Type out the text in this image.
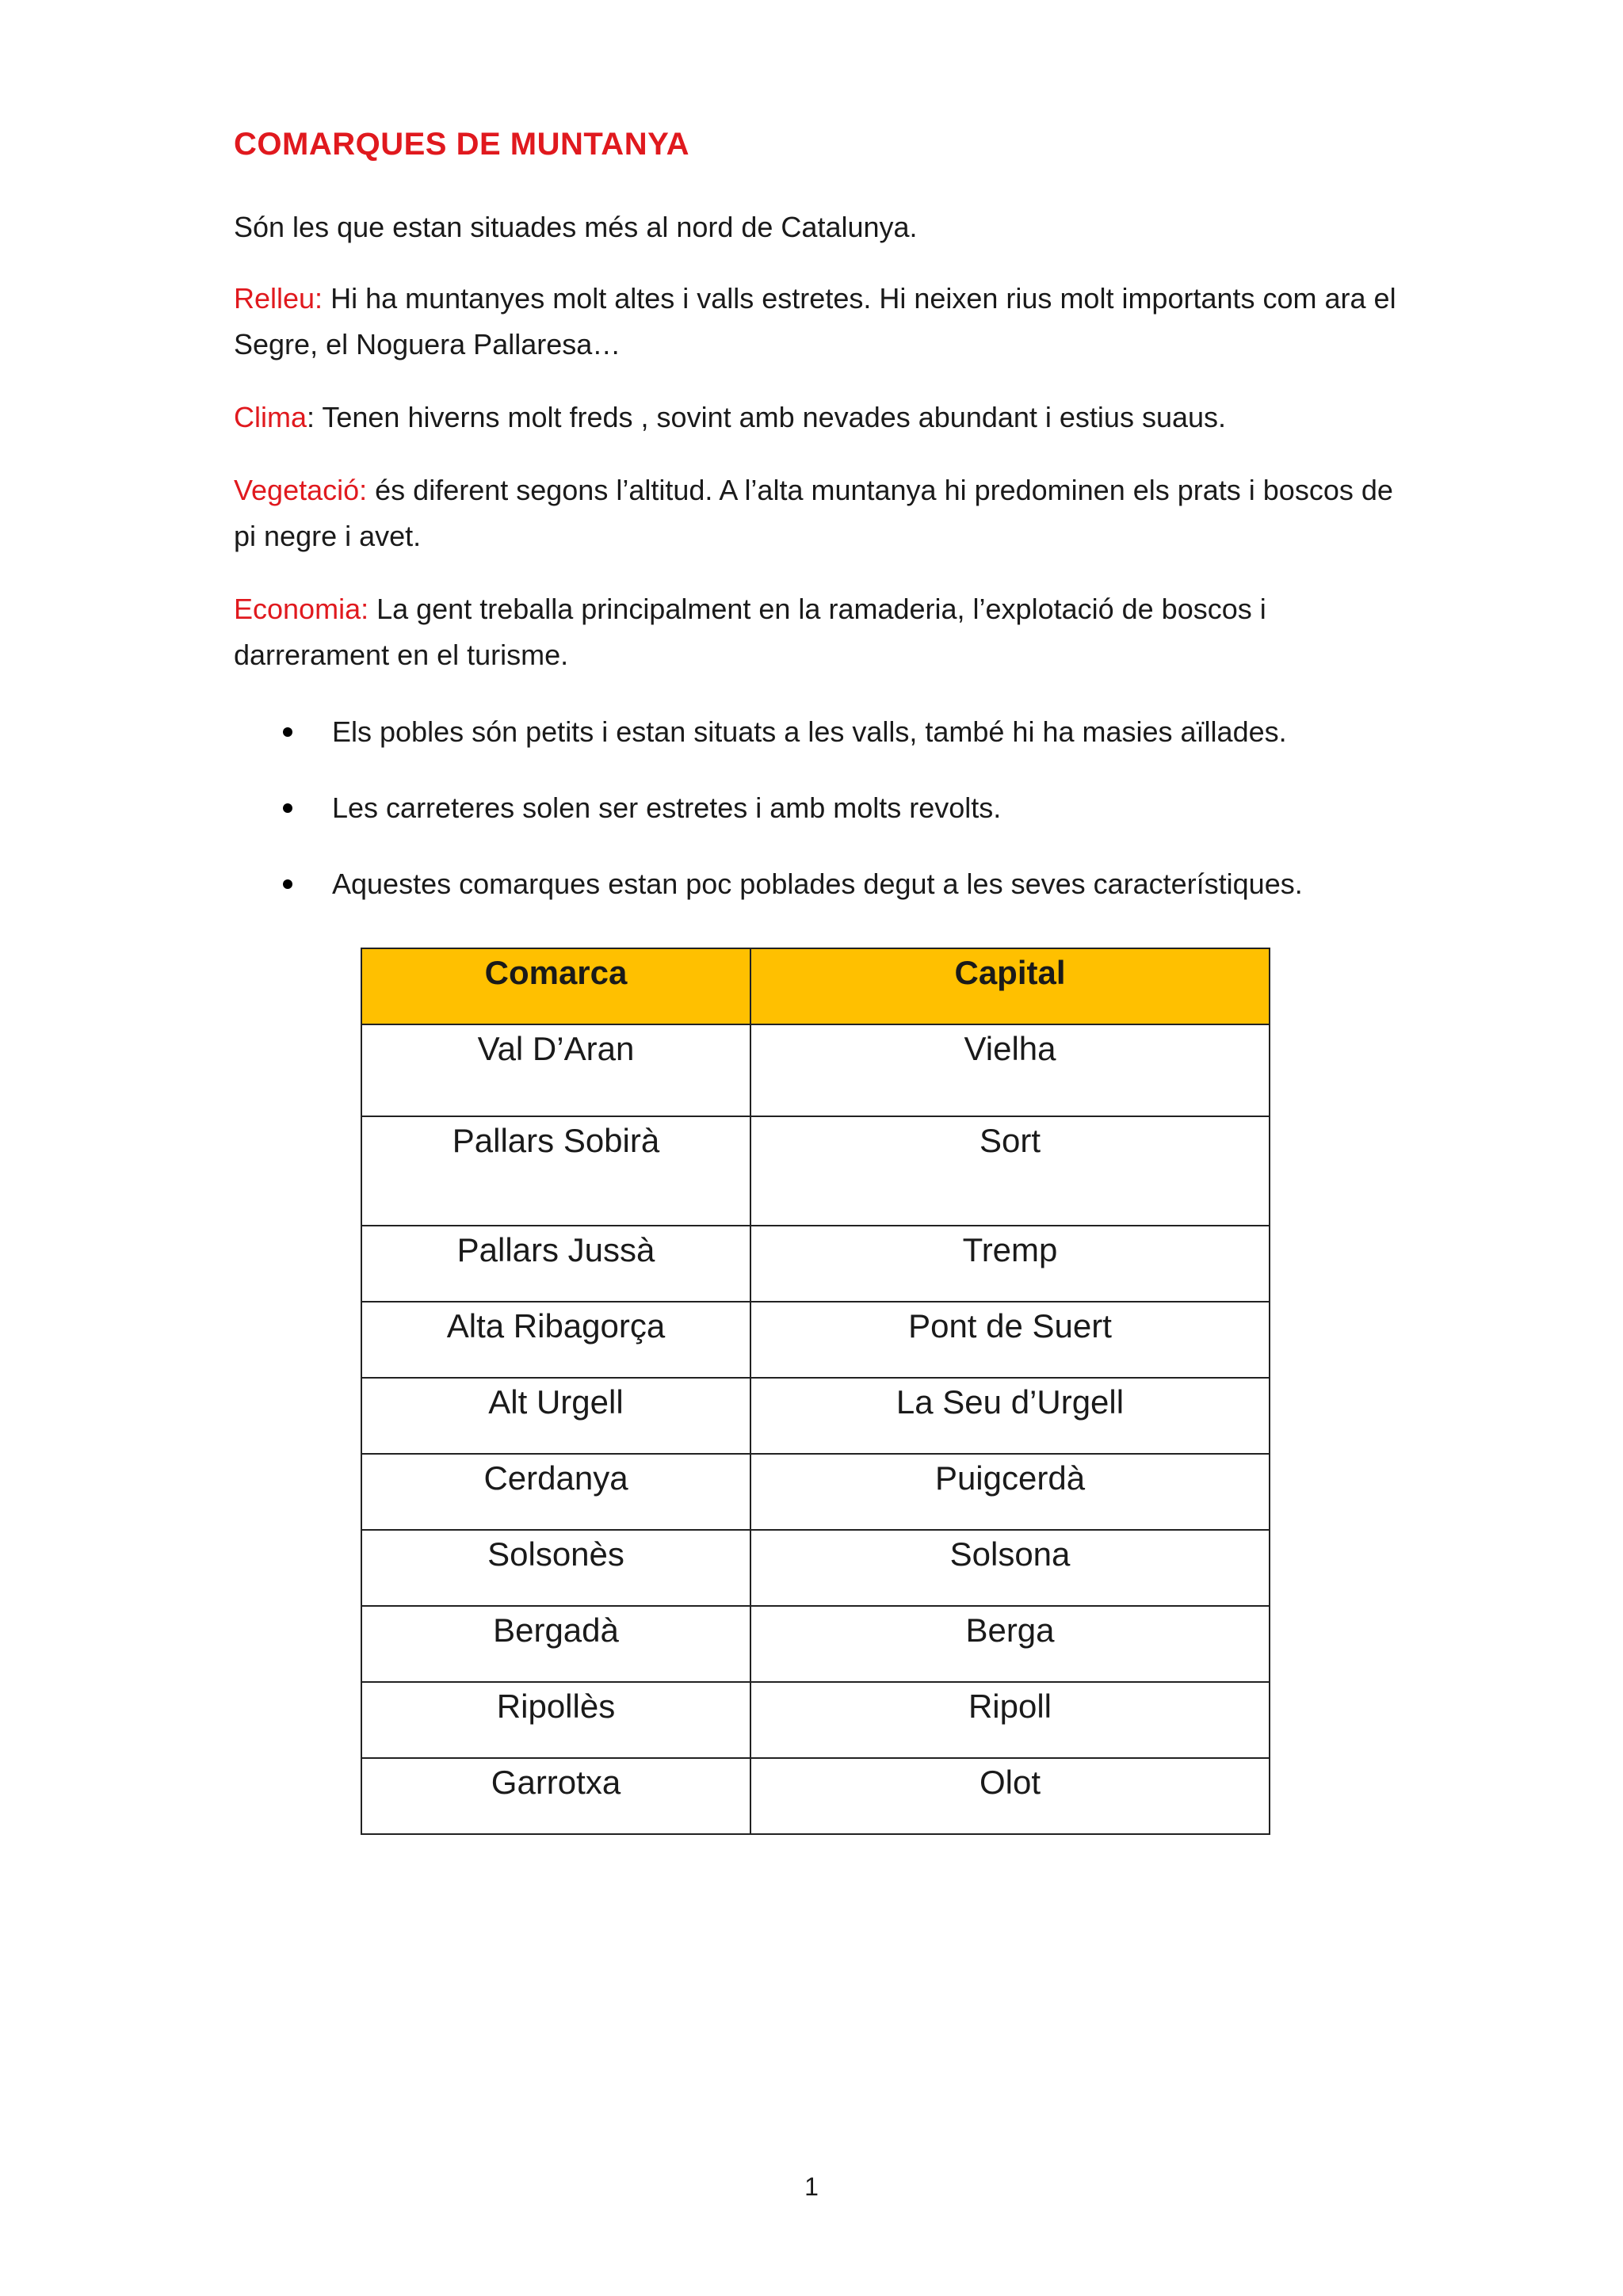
COMARQUES DE MUNTANYA
Són les que estan situades més al nord de Catalunya.
Relleu: Hi ha muntanyes molt altes i valls estretes. Hi neixen rius molt importants com ara el Segre, el Noguera Pallaresa…
Clima: Tenen hiverns molt freds , sovint amb nevades abundant i estius suaus.
Vegetació: és diferent segons l’altitud. A l’alta muntanya hi predominen els prats i boscos de pi negre i avet.
Economia: La gent treballa principalment en la ramaderia, l’explotació de boscos i darrerament en el turisme.
Els pobles són petits i estan situats a les valls, també hi ha masies aïllades.
Les carreteres solen ser estretes i amb molts revolts.
Aquestes comarques estan poc poblades degut a les seves característiques.
Comarca	Capital
Val D’Aran	Vielha
Pallars Sobirà	Sort
Pallars Jussà	Tremp
Alta Ribagorça	Pont de Suert
Alt Urgell	La Seu d’Urgell
Cerdanya	Puigcerdà
Solsonès	Solsona
Bergadà	Berga
Ripollès	Ripoll
Garrotxa	Olot
1
